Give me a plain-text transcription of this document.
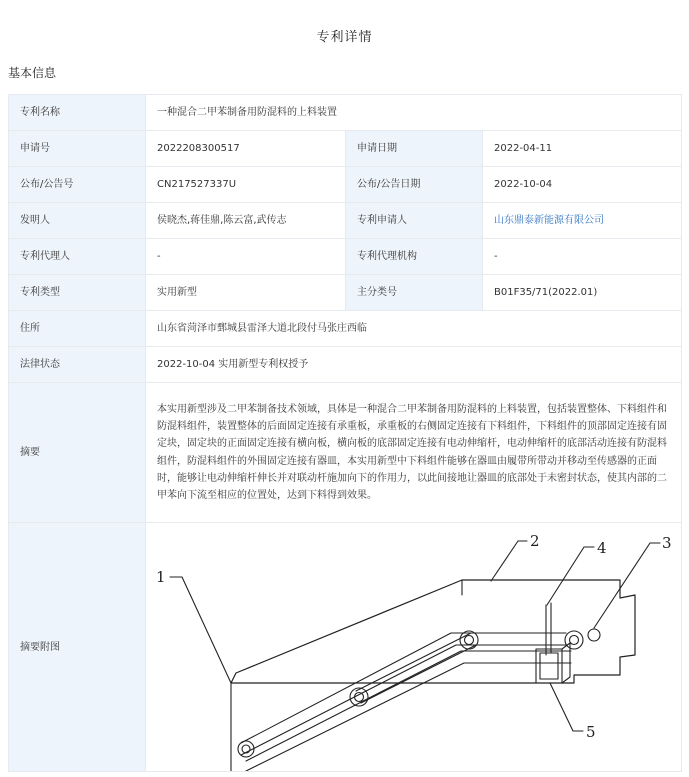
专利详情
基本信息
专利名称	一种混合二甲苯制备用防混料的上料装置		
申请号	2022208300517	申请日期	2022-04-11
公布/公告号	CN217527337U	公布/公告日期	2022-10-04
发明人	侯晓杰,蒋佳鼎,陈云富,武传志	专利申请人	山东鼎泰新能源有限公司
专利代理人	-	专利代理机构	-
专利类型	实用新型	主分类号	B01F35/71(2022.01)
住所	山东省菏泽市鄄城县雷泽大道北段付马张庄西临		
法律状态	2022-10-04 实用新型专利权授予		
摘要	本实用新型涉及二甲苯制备技术领域，具体是一种混合二甲苯制备用防混料的上料装置，包括装置整体、下料组件和防混料组件，装置整体的后面固定连接有承重板，承重板的右侧固定连接有下料组件，下料组件的顶部固定连接有固定块，固定块的正面固定连接有横向板，横向板的底部固定连接有电动伸缩杆，电动伸缩杆的底部活动连接有防混料组件，防混料组件的外围固定连接有器皿，本实用新型中下料组件能够在器皿由履带所带动并移动至传感器的正面时，能够让电动伸缩杆伸长并对联动杆施加向下的作用力，以此间接地让器皿的底部处于未密封状态，使其内部的二甲苯向下流至相应的位置处，达到下料得到效果。		
摘要附图	1
2 4 3
5		
